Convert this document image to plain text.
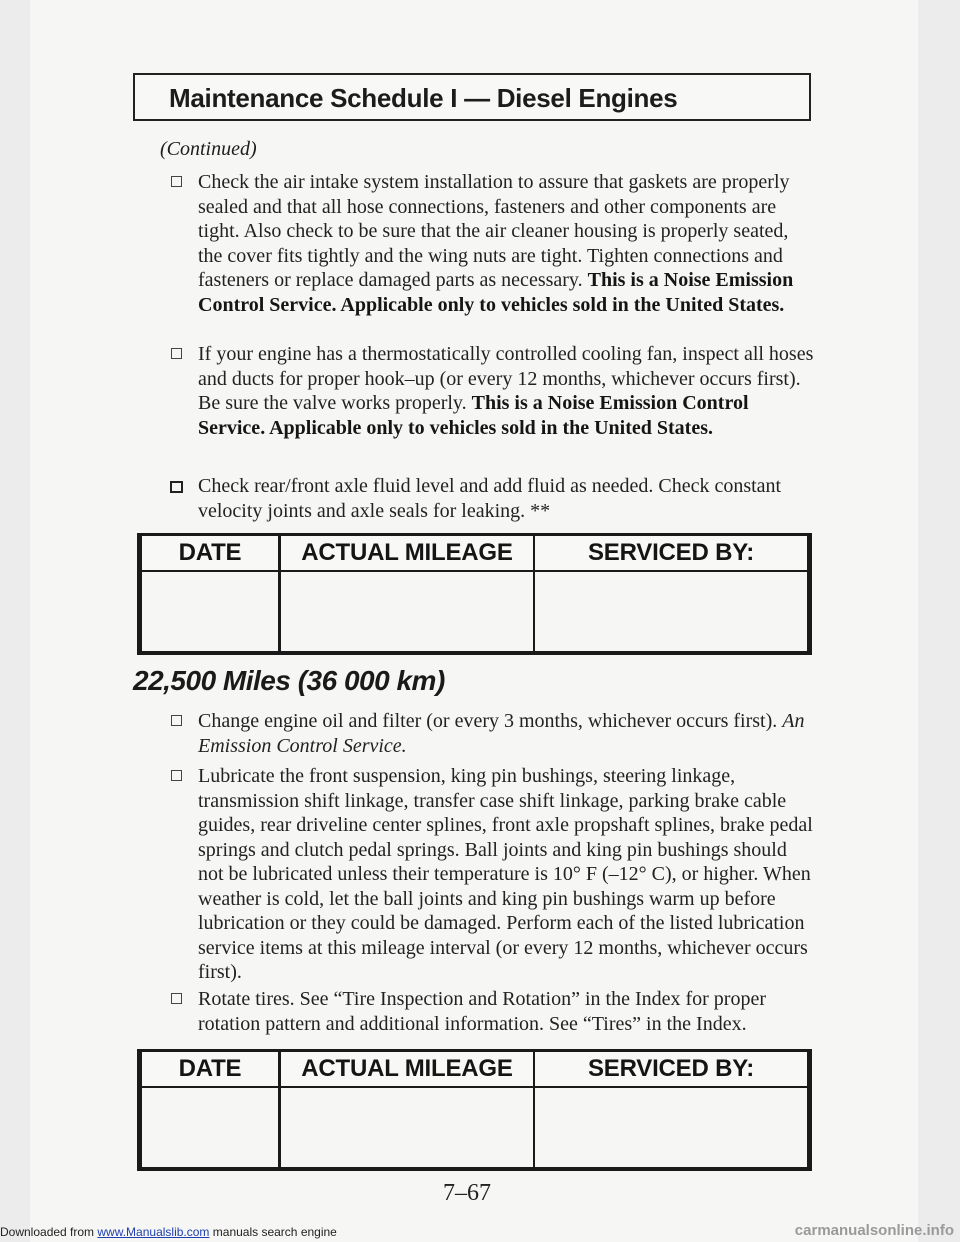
Maintenance Schedule I — Diesel Engines
(Continued)
Check the air intake system installation to assure that gaskets are properly sealed and that all hose connections, fasteners and other components are tight. Also check to be sure that the air cleaner housing is properly seated, the cover fits tightly and the wing nuts are tight. Tighten connections and fasteners or replace damaged parts as necessary. This is a Noise Emission Control Service. Applicable only to vehicles sold in the United States.
If your engine has a thermostatically controlled cooling fan, inspect all hoses and ducts for proper hook–up (or every 12 months, whichever occurs first). Be sure the valve works properly. This is a Noise Emission Control Service. Applicable only to vehicles sold in the United States.
Check rear/front axle fluid level and add fluid as needed. Check constant velocity joints and axle seals for leaking. **
DATE	ACTUAL MILEAGE	SERVICED BY:

22,500 Miles (36 000 km)
Change engine oil and filter (or every 3 months, whichever occurs first). An Emission Control Service.
Lubricate the front suspension, king pin bushings, steering linkage, transmission shift linkage, transfer case shift linkage, parking brake cable guides, rear driveline center splines, front axle propshaft splines, brake pedal springs and clutch pedal springs. Ball joints and king pin bushings should not be lubricated unless their temperature is 10° F (–12° C), or higher. When weather is cold, let the ball joints and king pin bushings warm up before lubrication or they could be damaged. Perform each of the listed lubrication service items at this mileage interval (or every 12 months, whichever occurs first).
Rotate tires. See “Tire Inspection and Rotation” in the Index for proper rotation pattern and additional information. See “Tires” in the Index.
DATE	ACTUAL MILEAGE	SERVICED BY:

7–67
Downloaded from www.Manualslib.com manuals search engine	carmanualsonline.info
